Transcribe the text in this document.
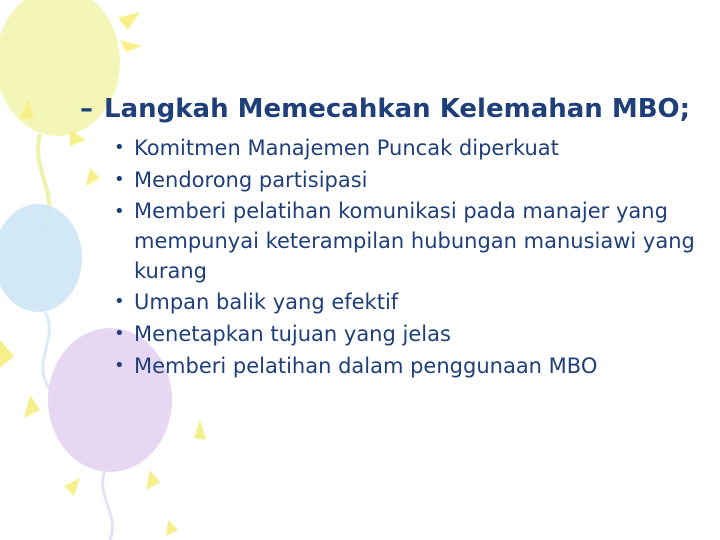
– Langkah Memecahkan Kelemahan MBO;
• Komitmen Manajemen Puncak diperkuat
• Mendorong partisipasi
• Memberi pelatihan komunikasi pada manajer yang mempunyai keterampilan hubungan manusiawi yang kurang
• Umpan balik yang efektif
• Menetapkan tujuan yang jelas
• Memberi pelatihan dalam penggunaan MBO
